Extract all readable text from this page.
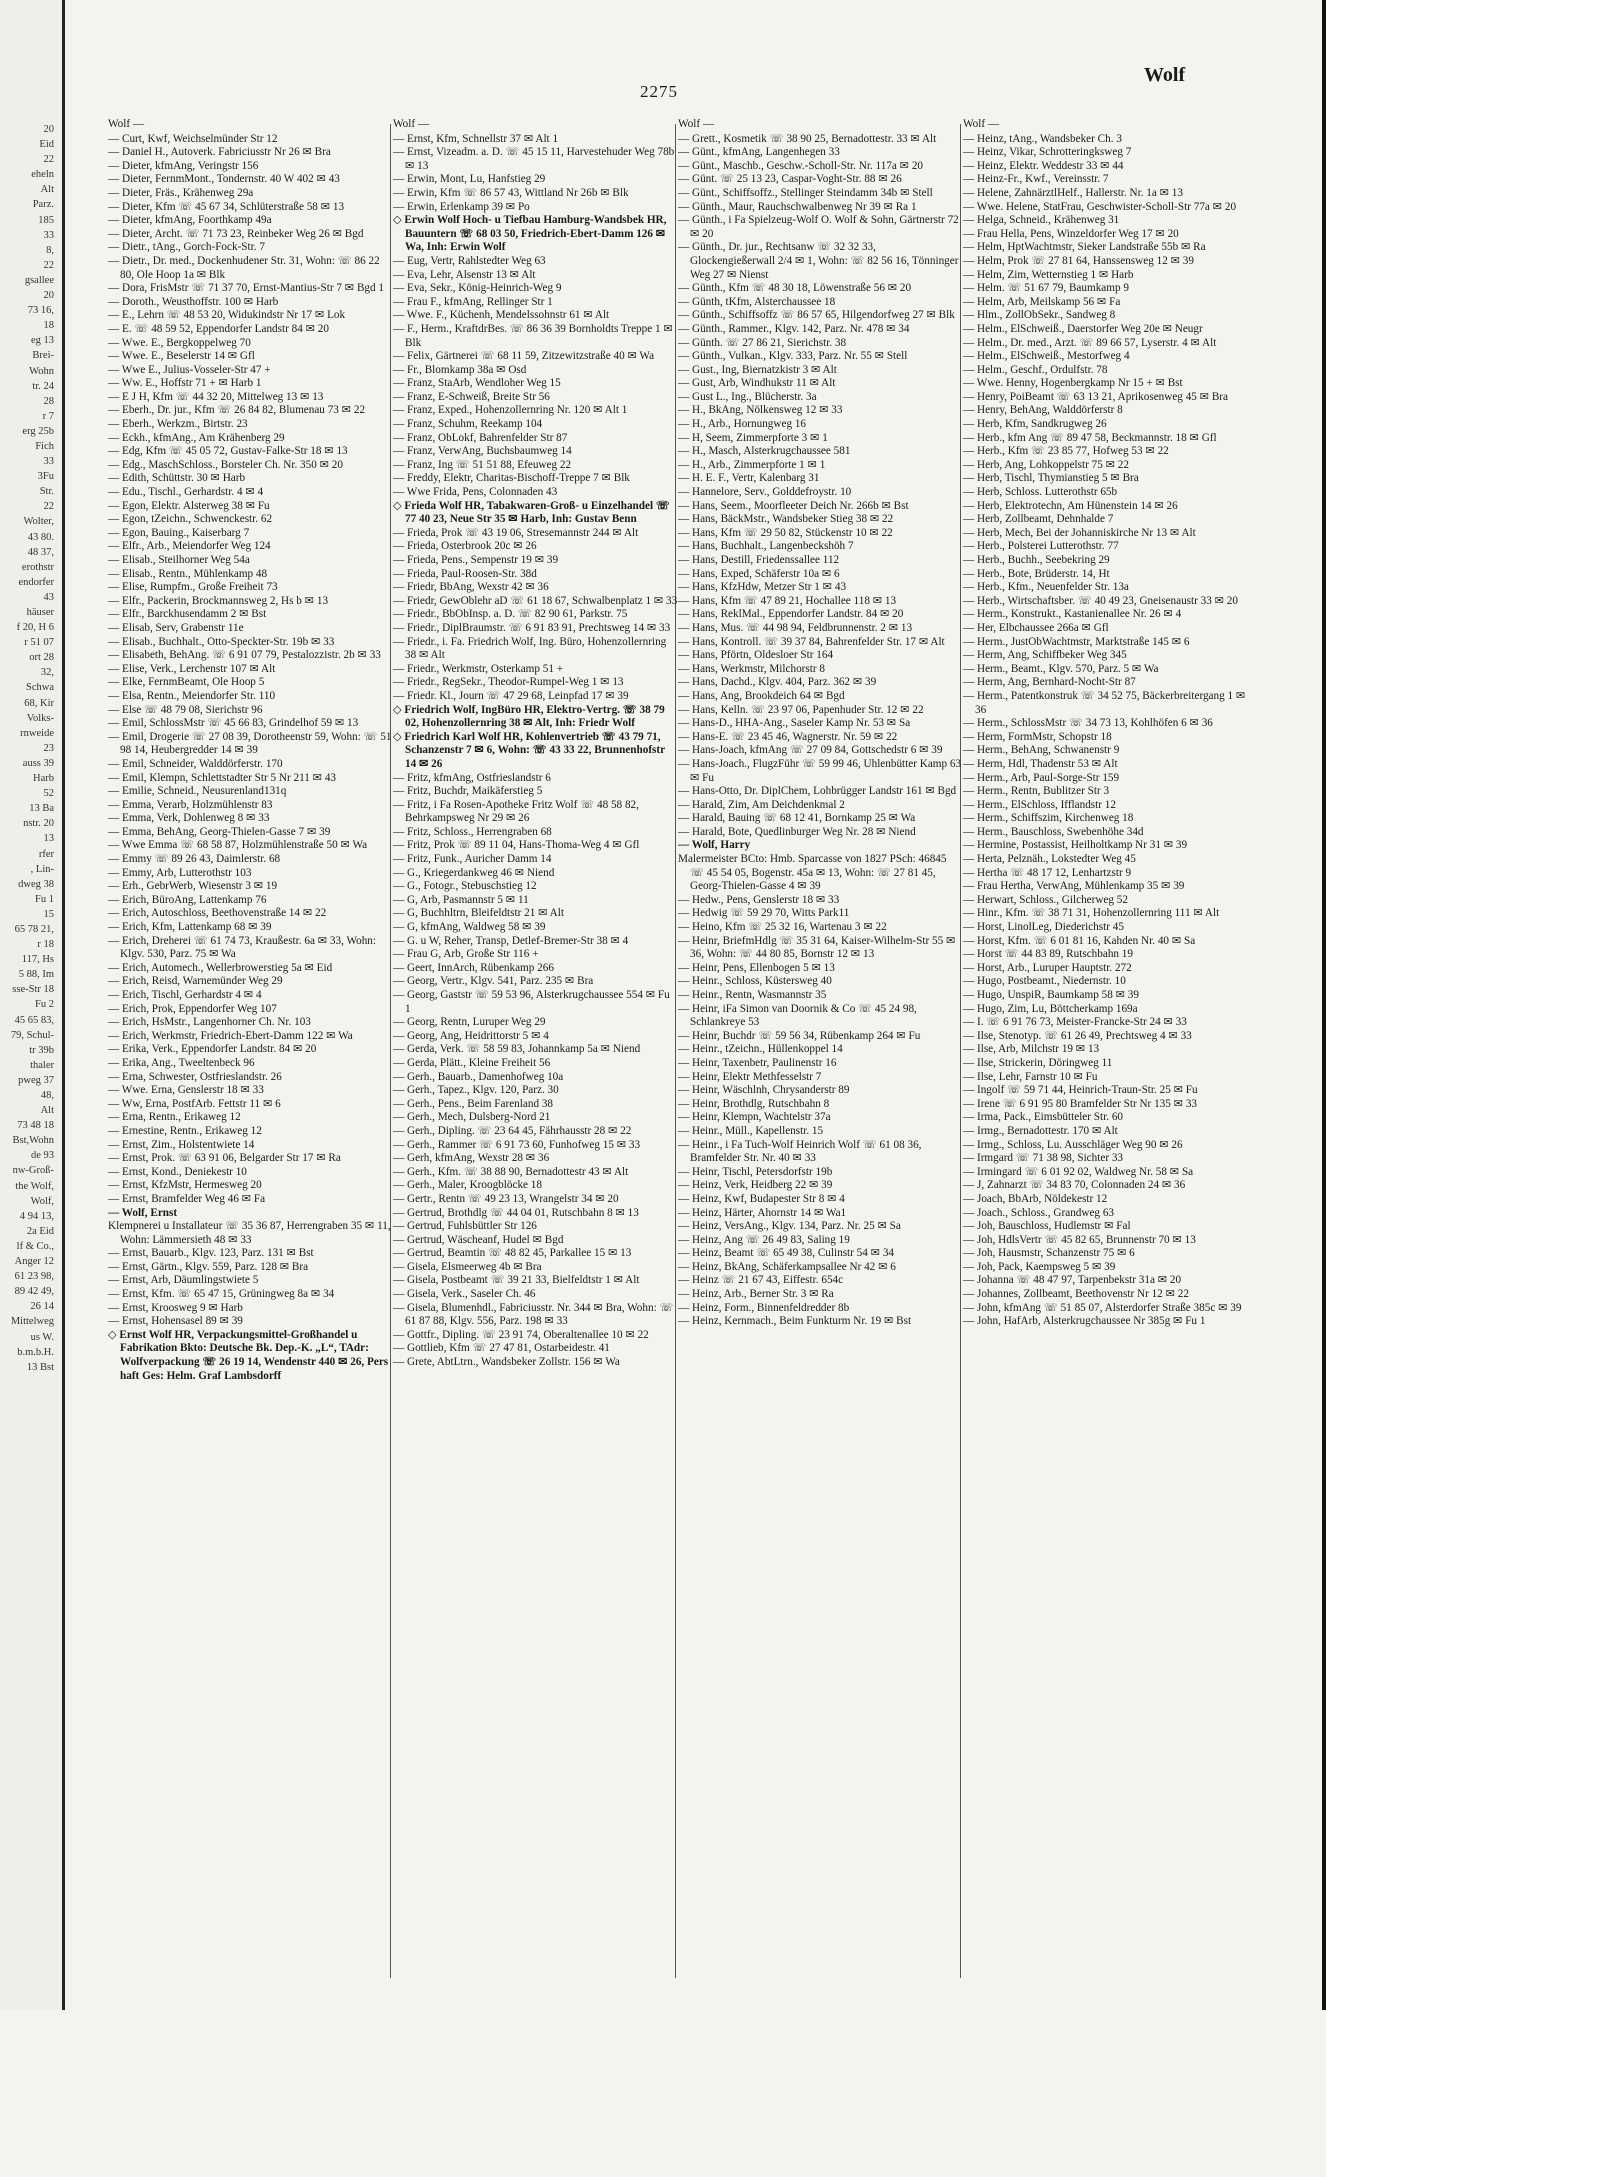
20
Eid
22
eheln
Alt
Parz.
185
33
8,
22
gsallee
20
73 16,
18
eg 13
Brei-
Wohn
tr. 24
28
r 7
erg 25b
Fich
33
3Fu
Str.
22
Wolter,
43 80.
48 37,
erothstr
endorfer
43
häuser
f 20, H 6
r 51 07
ort 28
32,
Schwa
68, Kir
Volks-
rnweide
23
auss 39
Harb
52
13 Ba
nstr. 20
13
rfer
, Lin-
dweg 38
Fu 1
15
65 78 21,
r 18
117, Hs
5 88, Im
sse-Str 18
Fu 2
45 65 83,
79, Schul-
tr 39b
thaler
pweg 37
48,
Alt
73 48 18
Bst,Wohn
de 93
nw-Groß-
the Wolf,
Wolf,
4 94 13,
2a Eid
lf & Co.,
Anger 12
61 23 98,
89 42 49,
26 14
Mittelweg
us W.
b.m.b.H.
13 Bst
2275
Wolf
Wolf —

— Curt, Kwf, Weichselmünder Str 12

— Daniel H., Autoverk. Fabriciusstr Nr 26 ✉ Bra

— Dieter, kfmAng, Veringstr 156

— Dieter, FernmMont., Tondernstr. 40 W 402 ✉ 43

— Dieter, Fräs., Krähenweg 29a

— Dieter, Kfm ☏ 45 67 34, Schlüterstraße 58 ✉ 13

— Dieter, kfmAng, Foorthkamp 49a

— Dieter, Archt. ☏ 71 73 23, Reinbeker Weg 26 ✉ Bgd

— Dietr., tAng., Gorch-Fock-Str. 7

— Dietr., Dr. med., Dockenhudener Str. 31, Wohn: ☏ 86 22 80, Ole Hoop 1a ✉ Blk

— Dora, FrisMstr ☏ 71 37 70, Ernst-Mantius-Str 7 ✉ Bgd 1

— Doroth., Weusthoffstr. 100 ✉ Harb

— E., Lehrn ☏ 48 53 20, Widukindstr Nr 17 ✉ Lok

— E. ☏ 48 59 52, Eppendorfer Landstr 84 ✉ 20

— Wwe. E., Bergkoppelweg 70

— Wwe. E., Beselerstr 14 ✉ Gfl

— Wwe E., Julius-Vosseler-Str 47 +

— Ww. E., Hoffstr 71 + ✉ Harb 1

— E J H, Kfm ☏ 44 32 20, Mittelweg 13 ✉ 13

— Eberh., Dr. jur., Kfm ☏ 26 84 82, Blumenau 73 ✉ 22

— Eberh., Werkzm., Birtstr. 23

— Eckh., kfmAng., Am Krähenberg 29

— Edg, Kfm ☏ 45 05 72, Gustav-Falke-Str 18 ✉ 13

— Edg., MaschSchloss., Borsteler Ch. Nr. 350 ✉ 20

— Edith, Schüttstr. 30 ✉ Harb

— Edu., Tischl., Gerhardstr. 4 ✉ 4

— Egon, Elektr. Alsterweg 38 ✉ Fu

— Egon, tZeichn., Schwenckestr. 62

— Egon, Bauing., Kaiserbarg 7

— Elfr., Arb., Meiendorfer Weg 124

— Elisab., Steilhorner Weg 54a

— Elisab., Rentn., Mühlenkamp 48

— Elise, Rumpfm., Große Freiheit 73

— Elfr., Packerin, Brockmannsweg 2, Hs b ✉ 13

— Elfr., Barckhusendamm 2 ✉ Bst

— Elisab, Serv, Grabenstr 11e

— Elisab., Buchhalt., Otto-Speckter-Str. 19b ✉ 33

— Elisabeth, BehAng. ☏ 6 91 07 79, Pestalozzistr. 2b ✉ 33

— Elise, Verk., Lerchenstr 107 ✉ Alt

— Elke, FernmBeamt, Ole Hoop 5

— Elsa, Rentn., Meiendorfer Str. 110

— Else ☏ 48 79 08, Sierichstr 96

— Emil, SchlossMstr ☏ 45 66 83, Grindelhof 59 ✉ 13

— Emil, Drogerie ☏ 27 08 39, Dorotheenstr 59, Wohn: ☏ 51 98 14, Heubergredder 14 ✉ 39

— Emil, Schneider, Walddörferstr. 170

— Emil, Klempn, Schlettstadter Str 5 Nr 211 ✉ 43

— Emilie, Schneid., Neusurenland131q

— Emma, Verarb, Holzmühlenstr 83

— Emma, Verk, Dohlenweg 8 ✉ 33

— Emma, BehAng, Georg-Thielen-Gasse 7 ✉ 39

— Wwe Emma ☏ 68 58 87, Holzmühlenstraße 50 ✉ Wa

— Emmy ☏ 89 26 43, Daimlerstr. 68

— Emmy, Arb, Lutterothstr 103

— Erh., GebrWerb, Wiesenstr 3 ✉ 19

— Erich, BüroAng, Lattenkamp 76

— Erich, Autoschloss, Beethovenstraße 14 ✉ 22

— Erich, Kfm, Lattenkamp 68 ✉ 39

— Erich, Dreherei ☏ 61 74 73, Kraußestr. 6a ✉ 33, Wohn: Klgv. 530, Parz. 75 ✉ Wa

— Erich, Automech., Wellerbrowerstieg 5a ✉ Eid

— Erich, Reisd, Warnemünder Weg 29

— Erich, Tischl, Gerhardstr 4 ✉ 4

— Erich, Prok, Eppendorfer Weg 107

— Erich, HsMstr., Langenhorner Ch. Nr. 103

— Erich, Werkmstr, Friedrich-Ebert-Damm 122 ✉ Wa

— Erika, Verk., Eppendorfer Landstr. 84 ✉ 20

— Erika, Ang., Tweeltenbeck 96

— Erna, Schwester, Ostfrieslandstr. 26

— Wwe. Erna, Genslerstr 18 ✉ 33

— Ww, Erna, PostfArb. Fettstr 11 ✉ 6

— Erna, Rentn., Erikaweg 12

— Ernestine, Rentn., Erikaweg 12

— Ernst, Zim., Holstentwiete 14

— Ernst, Prok. ☏ 63 91 06, Belgarder Str 17 ✉ Ra

— Ernst, Kond., Deniekestr 10

— Ernst, KfzMstr, Hermesweg 20

— Ernst, Bramfelder Weg 46 ✉ Fa

— Wolf, Ernst

Klempnerei u Installateur ☏ 35 36 87, Herrengraben 35 ✉ 11, Wohn: Lämmersieth 48 ✉ 33

— Ernst, Bauarb., Klgv. 123, Parz. 131 ✉ Bst

— Ernst, Gärtn., Klgv. 559, Parz. 128 ✉ Bra

— Ernst, Arb, Däumlingstwiete 5

— Ernst, Kfm. ☏ 65 47 15, Grüningweg 8a ✉ 34

— Ernst, Kroosweg 9 ✉ Harb

— Ernst, Hohensasel 89 ✉ 39

◇ Ernst Wolf HR, Verpackungsmittel-Großhandel u Fabrikation Bkto: Deutsche Bk. Dep.-K. „L“, TAdr: Wolfverpackung ☏ 26 19 14, Wendenstr 440 ✉ 26, Pers haft Ges: Helm. Graf Lambsdorff

Wolf —

— Ernst, Kfm, Schnellstr 37 ✉ Alt 1

— Ernst, Vizeadm. a. D. ☏ 45 15 11, Harvestehuder Weg 78b ✉ 13

— Erwin, Mont, Lu, Hanfstieg 29

— Erwin, Kfm ☏ 86 57 43, Wittland Nr 26b ✉ Blk

— Erwin, Erlenkamp 39 ✉ Po

◇ Erwin Wolf Hoch- u Tiefbau Hamburg-Wandsbek HR, Bauuntern ☏ 68 03 50, Friedrich-Ebert-Damm 126 ✉ Wa, Inh: Erwin Wolf

— Eug, Vertr, Rahlstedter Weg 63

— Eva, Lehr, Alsenstr 13 ✉ Alt

— Eva, Sekr., König-Heinrich-Weg 9

— Frau F., kfmAng, Rellinger Str 1

— Wwe. F., Küchenh, Mendelssohnstr 61 ✉ Alt

— F., Herm., KraftdrBes. ☏ 86 36 39 Bornholdts Treppe 1 ✉ Blk

— Felix, Gärtnerei ☏ 68 11 59, Zitzewitzstraße 40 ✉ Wa

— Fr., Blomkamp 38a ✉ Osd

— Franz, StaArb, Wendloher Weg 15

— Franz, E-Schweiß, Breite Str 56

— Franz, Exped., Hohenzollernring Nr. 120 ✉ Alt 1

— Franz, Schuhm, Reekamp 104

— Franz, ObLokf, Bahrenfelder Str 87

— Franz, VerwAng, Buchsbaumweg 14

— Franz, Ing ☏ 51 51 88, Efeuweg 22

— Freddy, Elektr, Charitas-Bischoff-Treppe 7 ✉ Blk

— Wwe Frida, Pens, Colonnaden 43

◇ Frieda Wolf HR, Tabakwaren-Groß- u Einzelhandel ☏ 77 40 23, Neue Str 35 ✉ Harb, Inh: Gustav Benn

— Frieda, Prok ☏ 43 19 06, Stresemannstr 244 ✉ Alt

— Frieda, Osterbrook 20c ✉ 26

— Frieda, Pens., Sempenstr 19 ✉ 39

— Frieda, Paul-Roosen-Str. 38d

— Friedr, BbAng, Wexstr 42 ✉ 36

— Friedr, GewOblehr aD ☏ 61 18 67, Schwalbenplatz 1 ✉ 33

— Friedr., BbObInsp. a. D. ☏ 82 90 61, Parkstr. 75

— Friedr., DiplBraumstr. ☏ 6 91 83 91, Prechtsweg 14 ✉ 33

— Friedr., i. Fa. Friedrich Wolf, Ing. Büro, Hohenzollernring 38 ✉ Alt

— Friedr., Werkmstr, Osterkamp 51 +

— Friedr., RegSekr., Theodor-Rumpel-Weg 1 ✉ 13

— Friedr. Kl., Journ ☏ 47 29 68, Leinpfad 17 ✉ 39

◇ Friedrich Wolf, IngBüro HR, Elektro-Vertrg. ☏ 38 79 02, Hohenzollernring 38 ✉ Alt, Inh: Friedr Wolf

◇ Friedrich Karl Wolf HR, Kohlenvertrieb ☏ 43 79 71, Schanzenstr 7 ✉ 6, Wohn: ☏ 43 33 22, Brunnenhofstr 14 ✉ 26

— Fritz, kfmAng, Ostfrieslandstr 6

— Fritz, Buchdr, Maikäferstieg 5

— Fritz, i Fa Rosen-Apotheke Fritz Wolf ☏ 48 58 82, Behrkampsweg Nr 29 ✉ 26

— Fritz, Schloss., Herrengraben 68

— Fritz, Prok ☏ 89 11 04, Hans-Thoma-Weg 4 ✉ Gfl

— Fritz, Funk., Auricher Damm 14

— G., Kriegerdankweg 46 ✉ Niend

— G., Fotogr., Stebuschstieg 12

— G, Arb, Pasmannstr 5 ✉ 11

— G, Buchhltrn, Bleifeldtstr 21 ✉ Alt

— G, kfmAng, Waldweg 58 ✉ 39

— G. u W, Reher, Transp, Detlef-Bremer-Str 38 ✉ 4

— Frau G, Arb, Große Str 116 +

— Geert, InnArch, Rübenkamp 266

— Georg, Vertr., Klgv. 541, Parz. 235 ✉ Bra

— Georg, Gaststr ☏ 59 53 96, Alsterkrugchaussee 554 ✉ Fu 1

— Georg, Rentn, Luruper Weg 29

— Georg, Ang, Heidrittorstr 5 ✉ 4

— Gerda, Verk. ☏ 58 59 83, Johannkamp 5a ✉ Niend

— Gerda, Plätt., Kleine Freiheit 56

— Gerh., Bauarb., Damenhofweg 10a

— Gerh., Tapez., Klgv. 120, Parz. 30

— Gerh., Pens., Beim Farenland 38

— Gerh., Mech, Dulsberg-Nord 21

— Gerh., Dipling. ☏ 23 64 45, Fährhausstr 28 ✉ 22

— Gerh., Rammer ☏ 6 91 73 60, Funhofweg 15 ✉ 33

— Gerh, kfmAng, Wexstr 28 ✉ 36

— Gerh., Kfm. ☏ 38 88 90, Bernadottestr 43 ✉ Alt

— Gerh., Maler, Kroogblöcke 18

— Gertr., Rentn ☏ 49 23 13, Wrangelstr 34 ✉ 20

— Gertrud, Brothdlg ☏ 44 04 01, Rutschbahn 8 ✉ 13

— Gertrud, Fuhlsbüttler Str 126

— Gertrud, Wäscheanf, Hudel ✉ Bgd

— Gertrud, Beamtin ☏ 48 82 45, Parkallee 15 ✉ 13

— Gisela, Elsmeerweg 4b ✉ Bra

— Gisela, Postbeamt ☏ 39 21 33, Bielfeldtstr 1 ✉ Alt

— Gisela, Verk., Saseler Ch. 46

— Gisela, Blumenhdl., Fabriciusstr. Nr. 344 ✉ Bra, Wohn: ☏ 61 87 88, Klgv. 556, Parz. 198 ✉ 33

— Gottfr., Dipling. ☏ 23 91 74, Oberaltenallee 10 ✉ 22

— Gottlieb, Kfm ☏ 27 47 81, Ostarbeidestr. 41

— Grete, AbtLtrn., Wandsbeker Zollstr. 156 ✉ Wa

Wolf —

— Grett., Kosmetik ☏ 38 90 25, Bernadottestr. 33 ✉ Alt

— Günt., kfmAng, Langenhegen 33

— Günt., Maschb., Geschw.-Scholl-Str. Nr. 117a ✉ 20

— Günt. ☏ 25 13 23, Caspar-Voght-Str. 88 ✉ 26

— Günt., Schiffsoffz., Stellinger Steindamm 34b ✉ Stell

— Günth., Maur, Rauchschwalbenweg Nr 39 ✉ Ra 1

— Günth., i Fa Spielzeug-Wolf O. Wolf & Sohn, Gärtnerstr 72 ✉ 20

— Günth., Dr. jur., Rechtsanw ☏ 32 32 33, Glockengießerwall 2/4 ✉ 1, Wohn: ☏ 82 56 16, Tönninger Weg 27 ✉ Nienst

— Günth., Kfm ☏ 48 30 18, Löwenstraße 56 ✉ 20

— Günth, tKfm, Alsterchaussee 18

— Günth., Schiffsoffz ☏ 86 57 65, Hilgendorfweg 27 ✉ Blk

— Günth., Rammer., Klgv. 142, Parz. Nr. 478 ✉ 34

— Günth. ☏ 27 86 21, Sierichstr. 38

— Günth., Vulkan., Klgv. 333, Parz. Nr. 55 ✉ Stell

— Gust., Ing, Biernatzkistr 3 ✉ Alt

— Gust, Arb, Windhukstr 11 ✉ Alt

— Gust L., Ing., Blücherstr. 3a

— H., BkAng, Nölkensweg 12 ✉ 33

— H., Arb., Hornungweg 16

— H, Seem, Zimmerpforte 3 ✉ 1

— H., Masch, Alsterkrugchaussee 581

— H., Arb., Zimmerpforte 1 ✉ 1

— H. E. F., Vertr, Kalenbarg 31

— Hannelore, Serv., Golddefroystr. 10

— Hans, Seem., Moorfleeter Deich Nr. 266b ✉ Bst

— Hans, BäckMstr., Wandsbeker Stieg 38 ✉ 22

— Hans, Kfm ☏ 29 50 82, Stückenstr 10 ✉ 22

— Hans, Buchhalt., Langenbeckshöh 7

— Hans, Destill, Friedenssallee 112

— Hans, Exped, Schäferstr 10a ✉ 6

— Hans, KfzHdw, Metzer Str 1 ✉ 43

— Hans, Kfm ☏ 47 89 21, Hochallee 118 ✉ 13

— Hans, ReklMal., Eppendorfer Landstr. 84 ✉ 20

— Hans, Mus. ☏ 44 98 94, Feldbrunnenstr. 2 ✉ 13

— Hans, Kontroll. ☏ 39 37 84, Bahrenfelder Str. 17 ✉ Alt

— Hans, Pförtn, Oldesloer Str 164

— Hans, Werkmstr, Milchorstr 8

— Hans, Dachd., Klgv. 404, Parz. 362 ✉ 39

— Hans, Ang, Brookdeich 64 ✉ Bgd

— Hans, Kelln. ☏ 23 97 06, Papenhuder Str. 12 ✉ 22

— Hans-D., HHA-Ang., Saseler Kamp Nr. 53 ✉ Sa

— Hans-E. ☏ 23 45 46, Wagnerstr. Nr. 59 ✉ 22

— Hans-Joach, kfmAng ☏ 27 09 84, Gottschedstr 6 ✉ 39

— Hans-Joach., FlugzFühr ☏ 59 99 46, Uhlenbütter Kamp 63 ✉ Fu

— Hans-Otto, Dr. DiplChem, Lohbrügger Landstr 161 ✉ Bgd

— Harald, Zim, Am Deichdenkmal 2

— Harald, Bauing ☏ 68 12 41, Bornkamp 25 ✉ Wa

— Harald, Bote, Quedlinburger Weg Nr. 28 ✉ Niend

— Wolf, Harry

Malermeister BCto: Hmb. Sparcasse von 1827 PSch: 46845 ☏ 45 54 05, Bogenstr. 45a ✉ 13, Wohn: ☏ 27 81 45, Georg-Thielen-Gasse 4 ✉ 39

— Hedw., Pens, Genslerstr 18 ✉ 33

— Hedwig ☏ 59 29 70, Witts Park11

— Heino, Kfm ☏ 25 32 16, Wartenau 3 ✉ 22

— Heinr, BriefmHdlg ☏ 35 31 64, Kaiser-Wilhelm-Str 55 ✉ 36, Wohn: ☏ 44 80 85, Bornstr 12 ✉ 13

— Heinr, Pens, Ellenbogen 5 ✉ 13

— Heinr., Schloss, Küstersweg 40

— Heinr., Rentn, Wasmannstr 35

— Heinr, iFa Simon van Doornik & Co ☏ 45 24 98, Schlankreye 53

— Heinr, Buchdr ☏ 59 56 34, Rübenkamp 264 ✉ Fu

— Heinr., tZeichn., Hüllenkoppel 14

— Heinr, Taxenbetr, Paulinenstr 16

— Heinr, Elektr Methfesselstr 7

— Heinr, Wäschlnh, Chrysanderstr 89

— Heinr, Brothdlg, Rutschbahn 8

— Heinr, Klempn, Wachtelstr 37a

— Heinr., Müll., Kapellenstr. 15

— Heinr., i Fa Tuch-Wolf Heinrich Wolf ☏ 61 08 36, Bramfelder Str. Nr. 40 ✉ 33

— Heinr, Tischl, Petersdorfstr 19b

— Heinz, Verk, Heidberg 22 ✉ 39

— Heinz, Kwf, Budapester Str 8 ✉ 4

— Heinz, Härter, Ahornstr 14 ✉ Wa1

— Heinz, VersAng., Klgv. 134, Parz. Nr. 25 ✉ Sa

— Heinz, Ang ☏ 26 49 83, Saling 19

— Heinz, Beamt ☏ 65 49 38, Culinstr 54 ✉ 34

— Heinz, BkAng, Schäferkampsallee Nr 42 ✉ 6

— Heinz ☏ 21 67 43, Eiffestr. 654c

— Heinz, Arb., Berner Str. 3 ✉ Ra

— Heinz, Form., Binnenfeldredder 8b

— Heinz, Kernmach., Beim Funkturm Nr. 19 ✉ Bst

Wolf —

— Heinz, tAng., Wandsbeker Ch. 3

— Heinz, Vikar, Schrotteringksweg 7

— Heinz, Elektr. Weddestr 33 ✉ 44

— Heinz-Fr., Kwf., Vereinsstr. 7

— Helene, ZahnärztlHelf., Hallerstr. Nr. 1a ✉ 13

— Wwe. Helene, StatFrau, Geschwister-Scholl-Str 77a ✉ 20

— Helga, Schneid., Krähenweg 31

— Frau Hella, Pens, Winzeldorfer Weg 17 ✉ 20

— Helm, HptWachtmstr, Sieker Landstraße 55b ✉ Ra

— Helm, Prok ☏ 27 81 64, Hanssensweg 12 ✉ 39

— Helm, Zim, Wetternstieg 1 ✉ Harb

— Helm. ☏ 51 67 79, Baumkamp 9

— Helm, Arb, Meilskamp 56 ✉ Fa

— Hlm., ZollObSekr., Sandweg 8

— Helm., ElSchweiß., Daerstorfer Weg 20e ✉ Neugr

— Helm., Dr. med., Arzt. ☏ 89 66 57, Lyserstr. 4 ✉ Alt

— Helm., ElSchweiß., Mestorfweg 4

— Helm., Geschf., Ordulfstr. 78

— Wwe. Henny, Hogenbergkamp Nr 15 + ✉ Bst

— Henry, PoiBeamt ☏ 63 13 21, Aprikosenweg 45 ✉ Bra

— Henry, BehAng, Walddörferstr 8

— Herb, Kfm, Sandkrugweg 26

— Herb., kfm Ang ☏ 89 47 58, Beckmannstr. 18 ✉ Gfl

— Herb., Kfm ☏ 23 85 77, Hofweg 53 ✉ 22

— Herb, Ang, Lohkoppelstr 75 ✉ 22

— Herb, Tischl, Thymianstieg 5 ✉ Bra

— Herb, Schloss. Lutterothstr 65b

— Herb, Elektrotechn, Am Hünenstein 14 ✉ 26

— Herb, Zollbeamt, Dehnhalde 7

— Herb, Mech, Bei der Johanniskirche Nr 13 ✉ Alt

— Herb., Polsterei Lutterothstr. 77

— Herb., Buchh., Seebekring 29

— Herb., Bote, Brüderstr. 14, Ht

— Herb., Kfm., Neuenfelder Str. 13a

— Herb., Wirtschaftsber. ☏ 40 49 23, Gneisenaustr 33 ✉ 20

— Herm., Konstrukt., Kastanienallee Nr. 26 ✉ 4

— Her, Elbchaussee 266a ✉ Gfl

— Herm., JustObWachtmstr, Marktstraße 145 ✉ 6

— Herm, Ang, Schiffbeker Weg 345

— Herm., Beamt., Klgv. 570, Parz. 5 ✉ Wa

— Herm, Ang, Bernhard-Nocht-Str 87

— Herm., Patentkonstruk ☏ 34 52 75, Bäckerbreitergang 1 ✉ 36

— Herm., SchlossMstr ☏ 34 73 13, Kohlhöfen 6 ✉ 36

— Herm, FormMstr, Schopstr 18

— Herm., BehAng, Schwanenstr 9

— Herm, Hdl, Thadenstr 53 ✉ Alt

— Herm., Arb, Paul-Sorge-Str 159

— Herm., Rentn, Bublitzer Str 3

— Herm., ElSchloss, Ifflandstr 12

— Herm., Schiffszim, Kirchenweg 18

— Herm., Bauschloss, Swebenhöhe 34d

— Hermine, Postassist, Heilholtkamp Nr 31 ✉ 39

— Herta, Pelznäh., Lokstedter Weg 45

— Hertha ☏ 48 17 12, Lenhartzstr 9

— Frau Hertha, VerwAng, Mühlenkamp 35 ✉ 39

— Herwart, Schloss., Gilcherweg 52

— Hinr., Kfm. ☏ 38 71 31, Hohenzollernring 111 ✉ Alt

— Horst, LinolLeg, Diederichstr 45

— Horst, Kfm. ☏ 6 01 81 16, Kahden Nr. 40 ✉ Sa

— Horst ☏ 44 83 89, Rutschbahn 19

— Horst, Arb., Luruper Hauptstr. 272

— Hugo, Postbeamt., Niedernstr. 10

— Hugo, UnspiR, Baumkamp 58 ✉ 39

— Hugo, Zim, Lu, Böttcherkamp 169a

— I. ☏ 6 91 76 73, Meister-Francke-Str 24 ✉ 33

— Ilse, Stenotyp. ☏ 61 26 49, Prechtsweg 4 ✉ 33

— Ilse, Arb, Milchstr 19 ✉ 13

— Ilse, Strickerin, Döringweg 11

— Ilse, Lehr, Farnstr 10 ✉ Fu

— Ingolf ☏ 59 71 44, Heinrich-Traun-Str. 25 ✉ Fu

— Irene ☏ 6 91 95 80 Bramfelder Str Nr 135 ✉ 33

— Irma, Pack., Eimsbütteler Str. 60

— Irmg., Bernadottestr. 170 ✉ Alt

— Irmg., Schloss, Lu. Ausschläger Weg 90 ✉ 26

— Irmgard ☏ 71 38 98, Sichter 33

— Irmingard ☏ 6 01 92 02, Waldweg Nr. 58 ✉ Sa

— J, Zahnarzt ☏ 34 83 70, Colonnaden 24 ✉ 36

— Joach, BbArb, Nöldekestr 12

— Joach., Schloss., Grandweg 63

— Joh, Bauschloss, Hudlemstr ✉ Fal

— Joh, HdlsVertr ☏ 45 82 65, Brunnenstr 70 ✉ 13

— Joh, Hausmstr, Schanzenstr 75 ✉ 6

— Joh, Pack, Kaempsweg 5 ✉ 39

— Johanna ☏ 48 47 97, Tarpenbekstr 31a ✉ 20

— Johannes, Zollbeamt, Beethovenstr Nr 12 ✉ 22

— John, kfmAng ☏ 51 85 07, Alsterdorfer Straße 385c ✉ 39

— John, HafArb, Alsterkrugchaussee Nr 385g ✉ Fu 1
